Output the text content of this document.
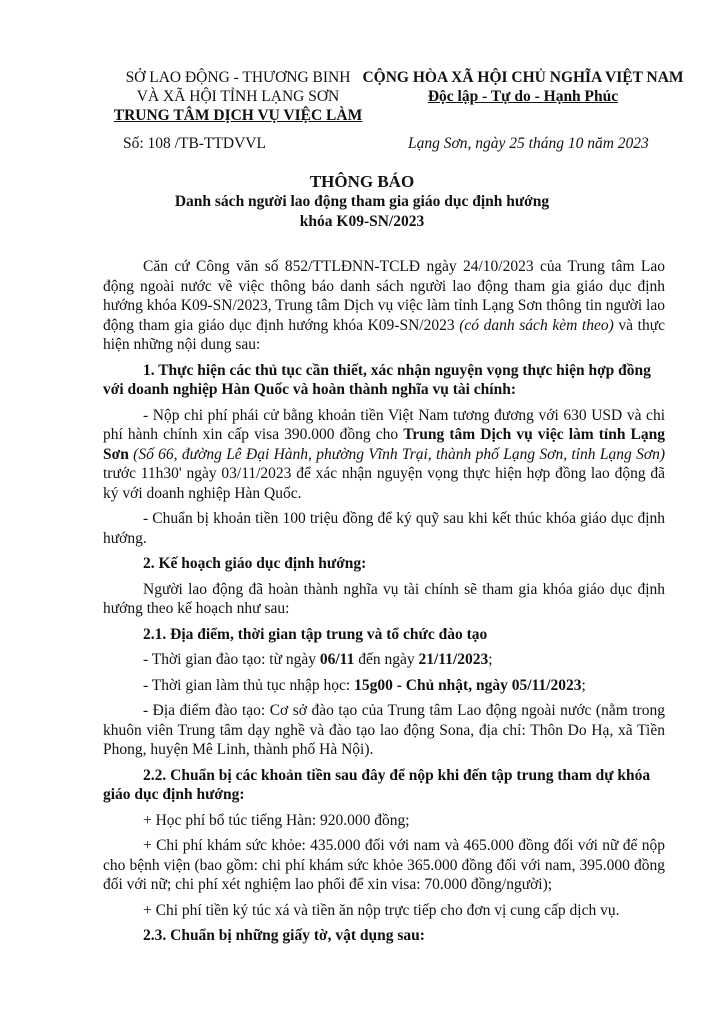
SỞ LAO ĐỘNG - THƯƠNG BINH
VÀ XÃ HỘI TỈNH LẠNG SƠN
TRUNG TÂM DỊCH VỤ VIỆC LÀM
CỘNG HÒA XÃ HỘI CHỦ NGHĨA VIỆT NAM
Độc lập - Tự do - Hạnh Phúc
Số: 108 /TB-TTDVVL	Lạng Sơn, ngày 25 tháng 10 năm 2023
THÔNG BÁO
Danh sách người lao động tham gia giáo dục định hướng
khóa K09-SN/2023

Căn cứ Công văn số 852/TTLĐNN-TCLĐ ngày 24/10/2023 của Trung tâm Lao động ngoài nước về việc thông báo danh sách người lao động tham gia giáo dục định hướng khóa K09-SN/2023, Trung tâm Dịch vụ việc làm tỉnh Lạng Sơn thông tin người lao động tham gia giáo dục định hướng khóa K09-SN/2023 (có danh sách kèm theo) và thực hiện những nội dung sau:

1. Thực hiện các thủ tục cần thiết, xác nhận nguyện vọng thực hiện hợp đồng với doanh nghiệp Hàn Quốc và hoàn thành nghĩa vụ tài chính:

- Nộp chi phí phái cử bằng khoản tiền Việt Nam tương đương với 630 USD và chi phí hành chính xin cấp visa 390.000 đồng cho Trung tâm Dịch vụ việc làm tỉnh Lạng Sơn (Số 66, đường Lê Đại Hành, phường Vĩnh Trại, thành phố Lạng Sơn, tỉnh Lạng Sơn) trước 11h30' ngày 03/11/2023 để xác nhận nguyện vọng thực hiện hợp đồng lao động đã ký với doanh nghiệp Hàn Quốc.

- Chuẩn bị khoản tiền 100 triệu đồng để ký quỹ sau khi kết thúc khóa giáo dục định hướng.

2. Kế hoạch giáo dục định hướng:

Người lao động đã hoàn thành nghĩa vụ tài chính sẽ tham gia khóa giáo dục định hướng theo kế hoạch như sau:

2.1. Địa điểm, thời gian tập trung và tổ chức đào tạo

- Thời gian đào tạo: từ ngày 06/11 đến ngày 21/11/2023;

- Thời gian làm thủ tục nhập học: 15g00 - Chủ nhật, ngày 05/11/2023;

- Địa điểm đào tạo: Cơ sở đào tạo của Trung tâm Lao động ngoài nước (nằm trong khuôn viên Trung tâm dạy nghề và đào tạo lao động Sona, địa chỉ: Thôn Do Hạ, xã Tiền Phong, huyện Mê Linh, thành phố Hà Nội).

2.2. Chuẩn bị các khoản tiền sau đây để nộp khi đến tập trung tham dự khóa giáo dục định hướng:

+ Học phí bổ túc tiếng Hàn: 920.000 đồng;

+ Chi phí khám sức khỏe: 435.000 đối với nam và 465.000 đồng đối với nữ để nộp cho bệnh viện (bao gồm: chi phí khám sức khỏe 365.000 đồng đối với nam, 395.000 đồng đối với nữ; chi phí xét nghiệm lao phổi để xin visa: 70.000 đồng/người);

+ Chi phí tiền ký túc xá và tiền ăn nộp trực tiếp cho đơn vị cung cấp dịch vụ.

2.3. Chuẩn bị những giấy tờ, vật dụng sau:
